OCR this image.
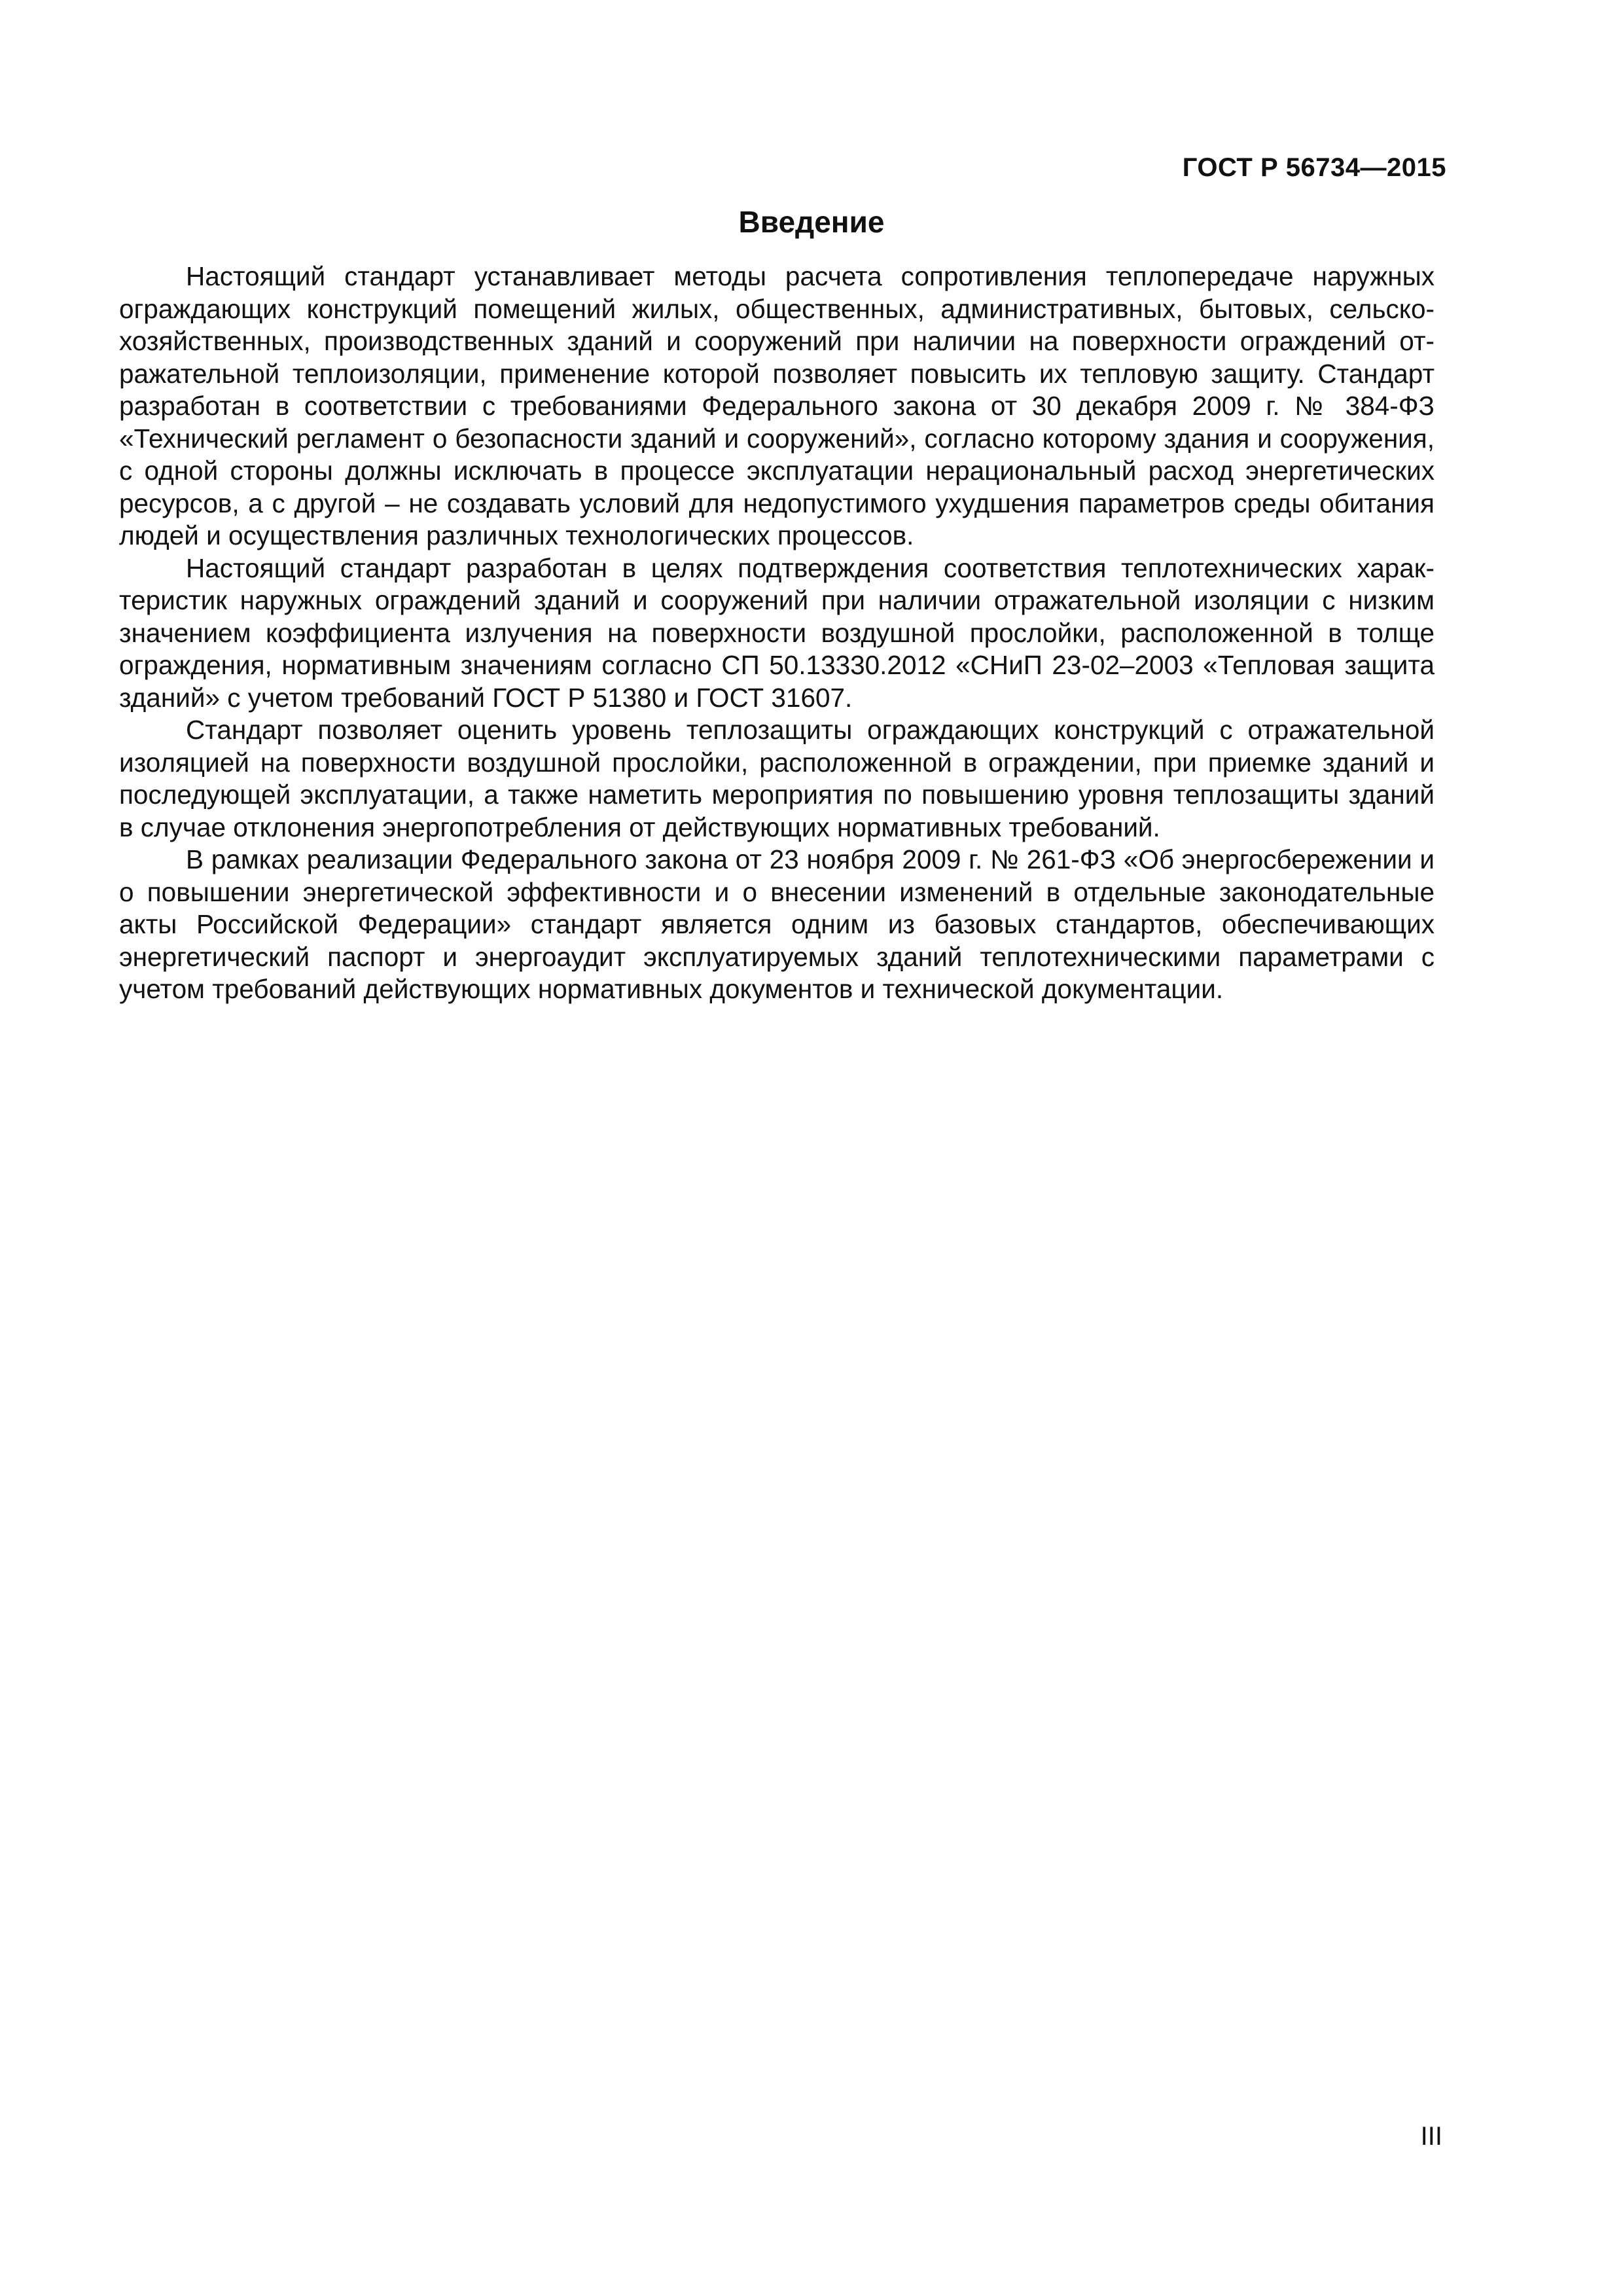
ГОСТ Р 56734—2015
Введение

Настоящий стандарт устанавливает методы расчета сопротивления теплопередаче наружных ограждающих конструкций помещений жилых, общественных, административных, бытовых, сельскохозяйственных, производственных зданий и сооружений при наличии на поверхности ограждений отражательной теплоизоляции, применение которой позволяет повысить их тепловую защиту. Стандарт разработан в соответствии с требованиями Федерального закона от 30 декабря 2009 г. № 384-ФЗ «Технический регламент о безопасности зданий и сооружений», согласно которому здания и сооружения, с одной стороны должны исключать в процессе эксплуатации нерациональный расход энергетических ресурсов, а с другой – не создавать условий для недопустимого ухудшения параметров среды обитания людей и осуществления различных технологических процессов.

Настоящий стандарт разработан в целях подтверждения соответствия теплотехнических характеристик наружных ограждений зданий и сооружений при наличии отражательной изоляции с низким значением коэффициента излучения на поверхности воздушной прослойки, расположенной в толще ограждения, нормативным значениям согласно СП 50.13330.2012 «СНиП 23-02–2003 «Тепловая защита зданий» с учетом требований ГОСТ Р 51380 и ГОСТ 31607.

Стандарт позволяет оценить уровень теплозащиты ограждающих конструкций с отражательной изоляцией на поверхности воздушной прослойки, расположенной в ограждении, при приемке зданий и последующей эксплуатации, а также наметить мероприятия по повышению уровня теплозащиты зданий в случае отклонения энергопотребления от действующих нормативных требований.

В рамках реализации Федерального закона от 23 ноября 2009 г. № 261-ФЗ «Об энергосбережении и о повышении энергетической эффективности и о внесении изменений в отдельные законодательные акты Российской Федерации» стандарт является одним из базовых стандартов, обеспечивающих энергетический паспорт и энергоаудит эксплуатируемых зданий теплотехническими параметрами с учетом требований действующих нормативных документов и технической документации.

III
